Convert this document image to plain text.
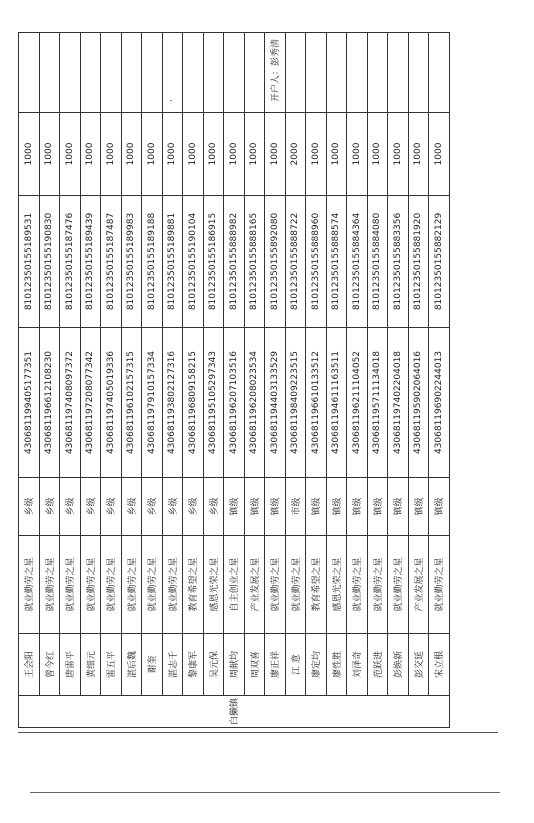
白獭镇	王会阳	就业勤劳之星	乡级	430681199405177351	81012350155189531	1000	
	曾今红	就业勤劳之星	乡级	430681196612108230	81012350155190830	1000	
	唐雷平	就业勤劳之星	乡级	430681197408097372	81012350155187476	1000	
	黄细元	就业勤劳之星	乡级	430681197208077342	81012350155189439	1000	
	雷五平	就业勤劳之星	乡级	430681197405019336	81012350155187487	1000	
	湛后魏	就业勤劳之星	乡级	430681196102157315	81012350155189983	1000	
	谢奎	就业勤劳之星	乡级	430681197910157334	81012350155189188	1000	
	湛志千	就业勤劳之星	乡级	430681193802127316	81012350155189881	1000	·
	黎康军	教育希望之星	乡级	430681196809158215	81012350155190104	1000	
	吴元保	感恩光荣之星	乡级	430681195105297343	81012350155186915	1000	
	周献均	自主创业之星	镇级	430681196207103516	81012350155888982	1000	
	周双喜	产业发展之星	镇级	430681196208023534	81012350155888165	1000	
	廖正祥	就业勤劳之星	镇级	430681194403133529	81012350155892080	1000	开户人：彭秀清
	江 意	就业勤劳之星	市级	430681198409223515	81012350155888722	2000	
	廖定均	教育希望之星	镇级	430681196610133512	81012350155888960	1000	
	廖性胜	感恩光荣之星	镇级	430681194611163511	81012350155888574	1000	
	刘泽奇	就业勤劳之星	镇级	430681196211104052	81012350155884364	1000	
	范跃进	就业勤劳之星	镇级	430681195711134018	81012350155884080	1000	
	彭焕新	就业勤劳之星	镇级	430681197402204018	81012350155883356	1000	
	彭交延	产业发展之星	镇级	430681195902064016	81012350155881920	1000	
	宋立根	就业勤劳之星	镇级	430681196902244013	81012350155882129	1000	
